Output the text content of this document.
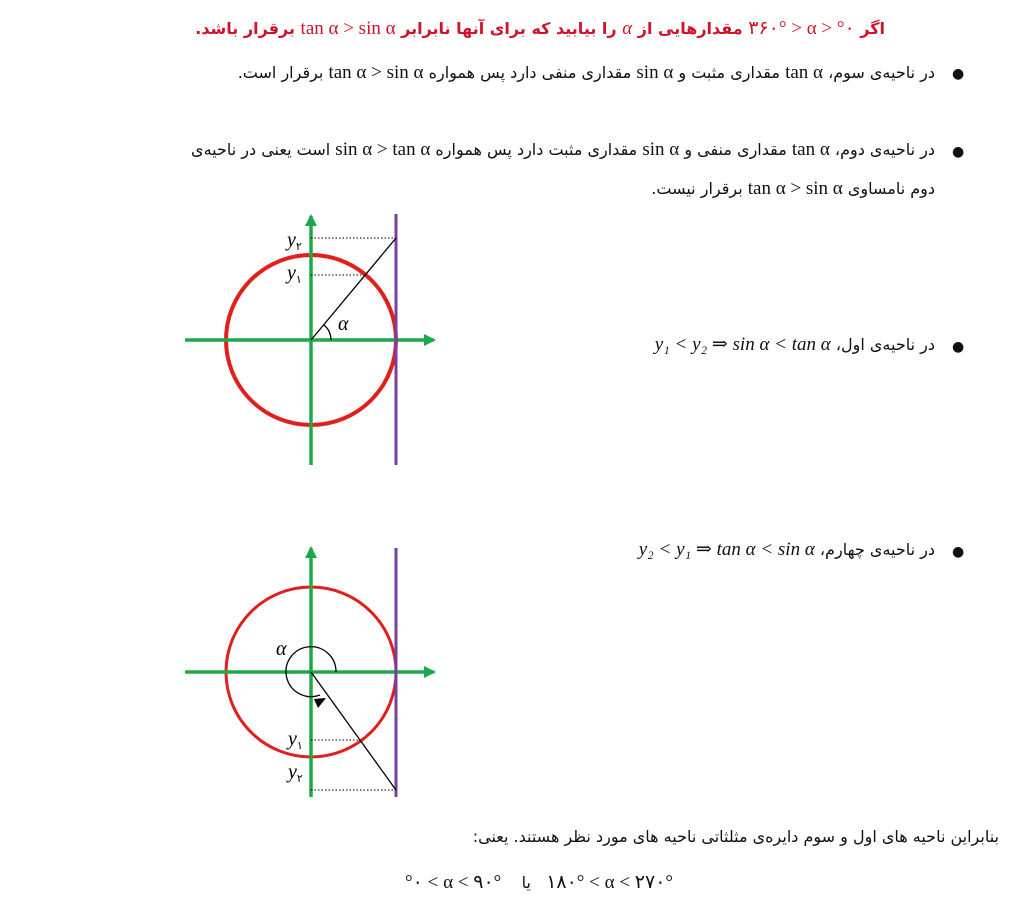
اگر ۳۶۰° > α > °۰ مقدارهایی از α را بیابید که برای آنها نابرابر tan α > sin α برقرار باشد.
●
در ناحیه‌ی سوم، tan α مقداری مثبت و sin α مقداری منفی دارد پس همواره tan α > sin α برقرار است.
●
در ناحیه‌ی دوم، tan α مقداری منفی و sin α مقداری مثبت دارد پس همواره sin α > tan α است یعنی در ناحیه‌ی
دوم نامساوی tan α > sin α برقرار نیست.
●
در ناحیه‌ی اول، y₁ < y₂ ⇒ sin α < tan α
●
در ناحیه‌ی چهارم، y₂ < y₁ ⇒ tan α < sin α
بنابراین ناحیه های اول و سوم دایره‌ی مثلثاتی ناحیه های مورد نظر هستند. یعنی:
۱۸۰° < α < ۲۷۰°   یا    °۰ < α < ۹۰°
α
$y_۲$
$y_۱$
α
$y_۱$
$y_۲$
